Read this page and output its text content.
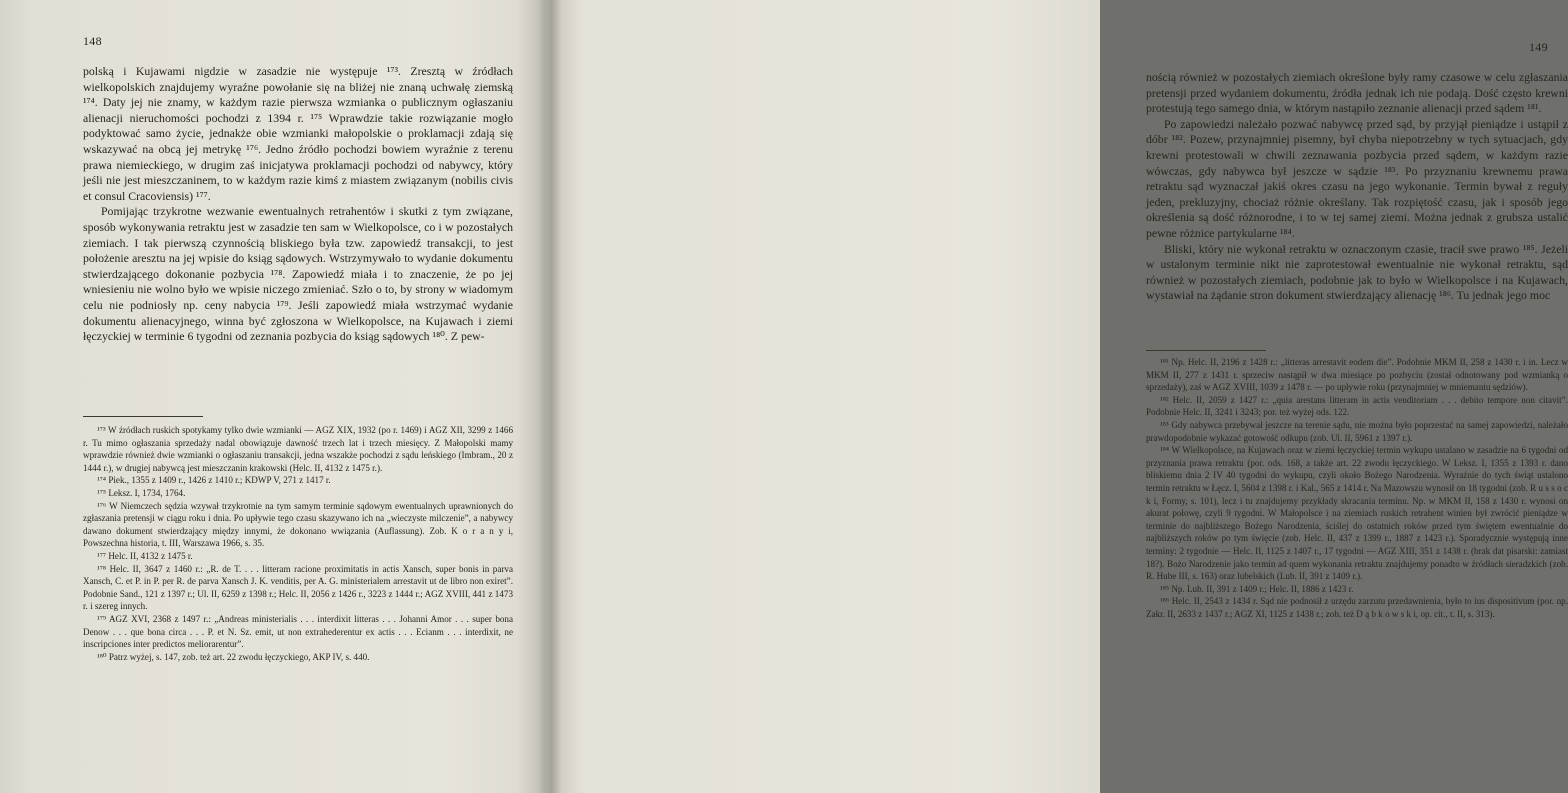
148

polską i Kujawami nigdzie w zasadzie nie występuje ¹⁷³. Zresztą w źródłach wielkopolskich znajdujemy wyraźne powołanie się na bliżej nie znaną uchwałę ziemską ¹⁷⁴. Daty jej nie znamy, w każdym razie pierwsza wzmianka o publicznym ogłaszaniu alienacji nieruchomości pochodzi z 1394 r. ¹⁷⁵ Wprawdzie takie rozwiązanie mogło podyktować samo życie, jednakże obie wzmianki małopolskie o proklamacji zdają się wskazywać na obcą jej metrykę ¹⁷⁶. Jedno źródło pochodzi bowiem wyraźnie z terenu prawa niemieckiego, w drugim zaś inicjatywa proklamacji pochodzi od nabywcy, który jeśli nie jest mieszczaninem, to w każdym razie kimś z miastem związanym (nobilis civis et consul Cracoviensis) ¹⁷⁷.

Pomijając trzykrotne wezwanie ewentualnych retrahentów i skutki z tym związane, sposób wykonywania retraktu jest w zasadzie ten sam w Wielkopolsce, co i w pozostałych ziemiach. I tak pierwszą czynnością bliskiego była tzw. zapowiedź transakcji, to jest położenie aresztu na jej wpisie do ksiąg sądowych. Wstrzymywało to wydanie dokumentu stwierdzającego dokonanie pozbycia ¹⁷⁸. Zapowiedź miała i to znaczenie, że po jej wniesieniu nie wolno było we wpisie niczego zmieniać. Szło o to, by strony w wiadomym celu nie podniosły np. ceny nabycia ¹⁷⁹. Jeśli zapowiedź miała wstrzymać wydanie dokumentu alienacyjnego, winna być zgłoszona w Wielkopolsce, na Kujawach i ziemi łęczyckiej w terminie 6 tygodni od zeznania pozbycia do ksiąg sądowych ¹⁸⁰. Z pew-

¹⁷³ W źródłach ruskich spotykamy tylko dwie wzmianki — AGZ XIX, 1932 (po r. 1469) i AGZ XII, 3299 z 1466 r. Tu mimo ogłaszania sprzedaży nadal obowiązuje dawność trzech lat i trzech miesięcy. Z Małopolski mamy wprawdzie również dwie wzmianki o ogłaszaniu transakcji, jedna wszakże pochodzi z sądu leńskiego (Imbram., 20 z 1444 r.), w drugiej nabywcą jest mieszczanin krakowski (Helc. II, 4132 z 1475 r.).

¹⁷⁴ Piek., 1355 z 1409 r., 1426 z 1410 r.; KDWP V, 271 z 1417 r.

¹⁷⁵ Leksz. I, 1734, 1764.

¹⁷⁶ W Niemczech sędzia wzywał trzykrotnie na tym samym terminie sądowym ewentualnych uprawnionych do zgłaszania pretensji w ciągu roku i dnia. Po upływie tego czasu skazywano ich na „wieczyste milczenie”, a nabywcy dawano dokument stwierdzający między innymi, że dokonano wwiązania (Auflassung). Zob. K o r a n y i, Powszechna historia, t. III, Warszawa 1966, s. 35.

¹⁷⁷ Helc. II, 4132 z 1475 r.

¹⁷⁸ Helc. II, 3647 z 1460 r.: „R. de T. . . . litteram racione proximitatis in actis Xansch, super bonis in parva Xansch, C. et P. in P. per R. de parva Xansch J. K. venditis, per A. G. ministerialem arrestavit ut de libro non exiret”. Podobnie Sand., 121 z 1397 r.; Ul. II, 6259 z 1398 r.; Helc. II, 2056 z 1426 r., 3223 z 1444 r.; AGZ XVIII, 441 z 1473 r. i szereg innych.

¹⁷⁹ AGZ XVI, 2368 z 1497 r.: „Andreas ministerialis . . . interdixit litteras . . . Johanni Amor . . . super bona Denow . . . que bona circa . . . P. et N. Sz. emit, ut non extrahederentur ex actis . . . Ecianm . . . interdixit, ne inscripciones inter predictos meliorarentur”.

¹⁸⁰ Patrz wyżej, s. 147, zob. też art. 22 zwodu łęczyckiego, AKP IV, s. 440.

149

nością również w pozostałych ziemiach określone były ramy czasowe w celu zgłaszania pretensji przed wydaniem dokumentu, źródła jednak ich nie podają. Dość często krewni protestują tego samego dnia, w którym nastąpiło zeznanie alienacji przed sądem ¹⁸¹.

Po zapowiedzi należało pozwać nabywcę przed sąd, by przyjął pieniądze i ustąpił z dóbr ¹⁸². Pozew, przynajmniej pisemny, był chyba niepotrzebny w tych sytuacjach, gdy krewni protestowali w chwili zeznawania pozbycia przed sądem, w każdym razie wówczas, gdy nabywca był jeszcze w sądzie ¹⁸³. Po przyznaniu krewnemu prawa retraktu sąd wyznaczał jakiś okres czasu na jego wykonanie. Termin bywał z reguły jeden, prekluzyjny, chociaż różnie określany. Tak rozpiętość czasu, jak i sposób jego określenia są dość różnorodne, i to w tej samej ziemi. Można jednak z grubsza ustalić pewne różnice partykularne ¹⁸⁴.

Bliski, który nie wykonał retraktu w oznaczonym czasie, tracił swe prawo ¹⁸⁵. Jeżeli w ustalonym terminie nikt nie zaprotestował ewentualnie nie wykonał retraktu, sąd również w pozostałych ziemiach, podobnie jak to było w Wielkopolsce i na Kujawach, wystawiał na żądanie stron dokument stwierdzający alienację ¹⁸⁶. Tu jednak jego moc

¹⁸¹ Np. Helc. II, 2196 z 1428 r.: „litteras arrestavit eodem die”. Podobnie MKM II, 258 z 1430 r. i in. Lecz w MKM II, 277 z 1431 r. sprzeciw nastąpił w dwa miesiące po pozbyciu (został odnotowany pod wzmianką o sprzedaży), zaś w AGZ XVIII, 1039 z 1478 r. — po upływie roku (przynajmniej w mniemaniu sędziów).

¹⁸² Helc. II, 2059 z 1427 r.: „quia arestans litteram in actis venditoriam . . . debito tempore non citavit”. Podobnie Helc. II, 3241 i 3243; por. też wyżej ods. 122.

¹⁸³ Gdy nabywca przebywał jeszcze na terenie sądu, nie można było poprzestać na samej zapowiedzi, należało prawdopodobnie wykazać gotowość odkupu (zob. Ul. II, 5961 z 1397 r.).

¹⁸⁴ W Wielkopolsce, na Kujawach oraz w ziemi łęczyckiej termin wykupu ustalano w zasadzie na 6 tygodni od przyznania prawa retraktu (por. ods. 168, a także art. 22 zwodu łęczyckiego. W Leksz. I, 1355 z 1393 r. dano bliskiemu dnia 2 IV 40 tygodni do wykupu, czyli około Bożego Narodzenia. Wyraźnie do tych świąt ustalono termin retraktu w Łęcz. I, 5604 z 1398 r. i Kal., 565 z 1414 r. Na Mazowszu wynosił on 18 tygodni (zob. R u s s o c k i, Formy, s. 101), lecz i tu znajdujemy przykłady skracania terminu. Np. w MKM II, 158 z 1430 r. wynosi on akurat połowę, czyli 9 tygodni. W Małopolsce i na ziemiach ruskich retrahent winien był zwrócić pieniądze w terminie do najbliższego Bożego Narodzenia, ściślej do ostatnich roków przed tym świętem ewentualnie do najbliższych roków po tym święcie (zob. Helc. II, 437 z 1399 r., 1887 z 1423 r.). Sporadycznie występują inne terminy: 2 tygodnie — Helc. II, 1125 z 1407 r., 17 tygodni — AGZ XIII, 351 z 1438 r. (brak dat pisarski: zamiast 18?). Bożo Narodzenie jako termin ad quem wykonania retraktu znajdujemy ponadto w źródłach sieradzkich (zob. R. Hube III, s. 163) oraz lubelskich (Lub. II, 391 z 1409 r.).

¹⁸⁵ Np. Lub. II, 391 z 1409 r.; Helc. II, 1886 z 1423 r.

¹⁸⁶ Helc. II, 2543 z 1434 r. Sąd nie podnosił z urzędu zarzutu przedawnienia, było to ius dispositivum (por. np. Zakr. II, 2633 z 1437 r.; AGZ XI, 1125 z 1438 r.; zob. też D ą b k o w s k i, op. cit., t. II, s. 313).
